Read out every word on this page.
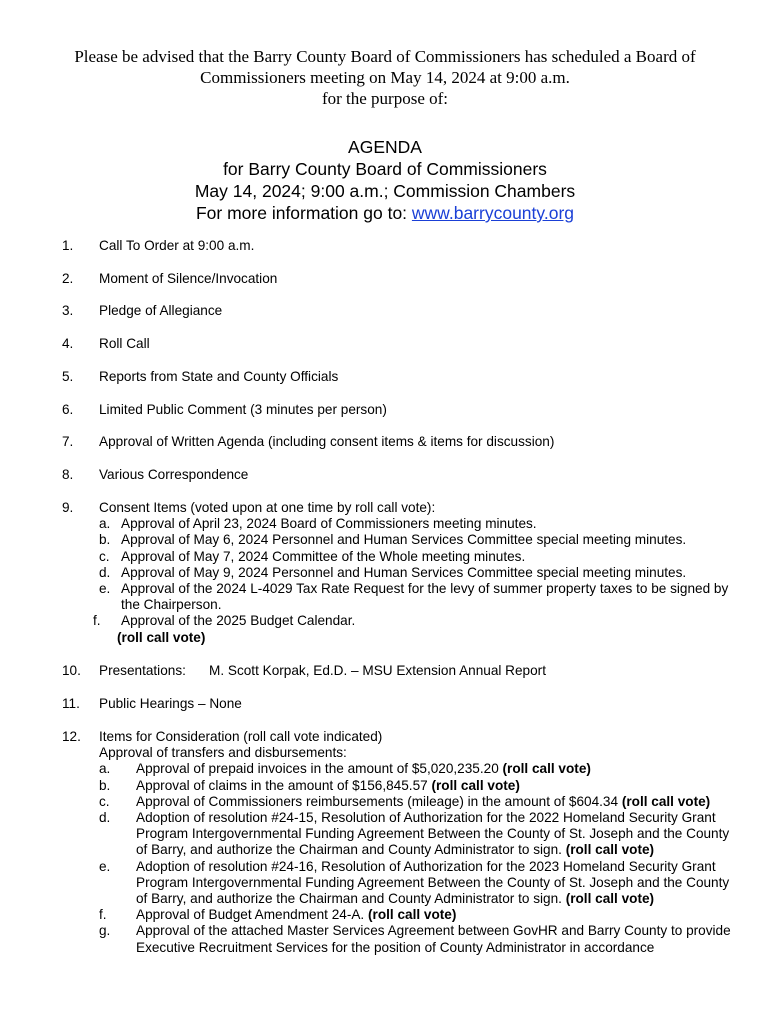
Please be advised that the Barry County Board of Commissioners has scheduled a Board of
Commissioners meeting on May 14, 2024 at 9:00 a.m.
for the purpose of:
AGENDA
for Barry County Board of Commissioners
May 14, 2024; 9:00 a.m.; Commission Chambers
For more information go to: www.barrycounty.org
1.	Call To Order at 9:00 a.m.
2.	Moment of Silence/Invocation
3.	Pledge of Allegiance
4.	Roll Call
5.	Reports from State and County Officials
6.	Limited Public Comment (3 minutes per person)
7.	Approval of Written Agenda (including consent items & items for discussion)
8.	Various Correspondence
9.	Consent Items (voted upon at one time by roll call vote):
a. Approval of April 23, 2024 Board of Commissioners meeting minutes.
b. Approval of May 6, 2024 Personnel and Human Services Committee special meeting minutes.
c. Approval of May 7, 2024 Committee of the Whole meeting minutes.
d. Approval of May 9, 2024 Personnel and Human Services Committee special meeting minutes.
e. Approval of the 2024 L-4029 Tax Rate Request for the levy of summer property taxes to be signed by the Chairperson.
f.	Approval of the 2025 Budget Calendar.
(roll call vote)
10.	Presentations: M. Scott Korpak, Ed.D. – MSU Extension Annual Report
11.	Public Hearings – None
12.	Items for Consideration (roll call vote indicated)
Approval of transfers and disbursements:
a.	Approval of prepaid invoices in the amount of $5,020,235.20 (roll call vote)
b.	Approval of claims in the amount of $156,845.57 (roll call vote)
c.	Approval of Commissioners reimbursements (mileage) in the amount of $604.34 (roll call vote)
d.	Adoption of resolution #24-15, Resolution of Authorization for the 2022 Homeland Security Grant Program Intergovernmental Funding Agreement Between the County of St. Joseph and the County of Barry, and authorize the Chairman and County Administrator to sign. (roll call vote)
e.	Adoption of resolution #24-16, Resolution of Authorization for the 2023 Homeland Security Grant Program Intergovernmental Funding Agreement Between the County of St. Joseph and the County of Barry, and authorize the Chairman and County Administrator to sign. (roll call vote)
f.	Approval of Budget Amendment 24-A. (roll call vote)
g.	Approval of the attached Master Services Agreement between GovHR and Barry County to provide Executive Recruitment Services for the position of County Administrator in accordance
